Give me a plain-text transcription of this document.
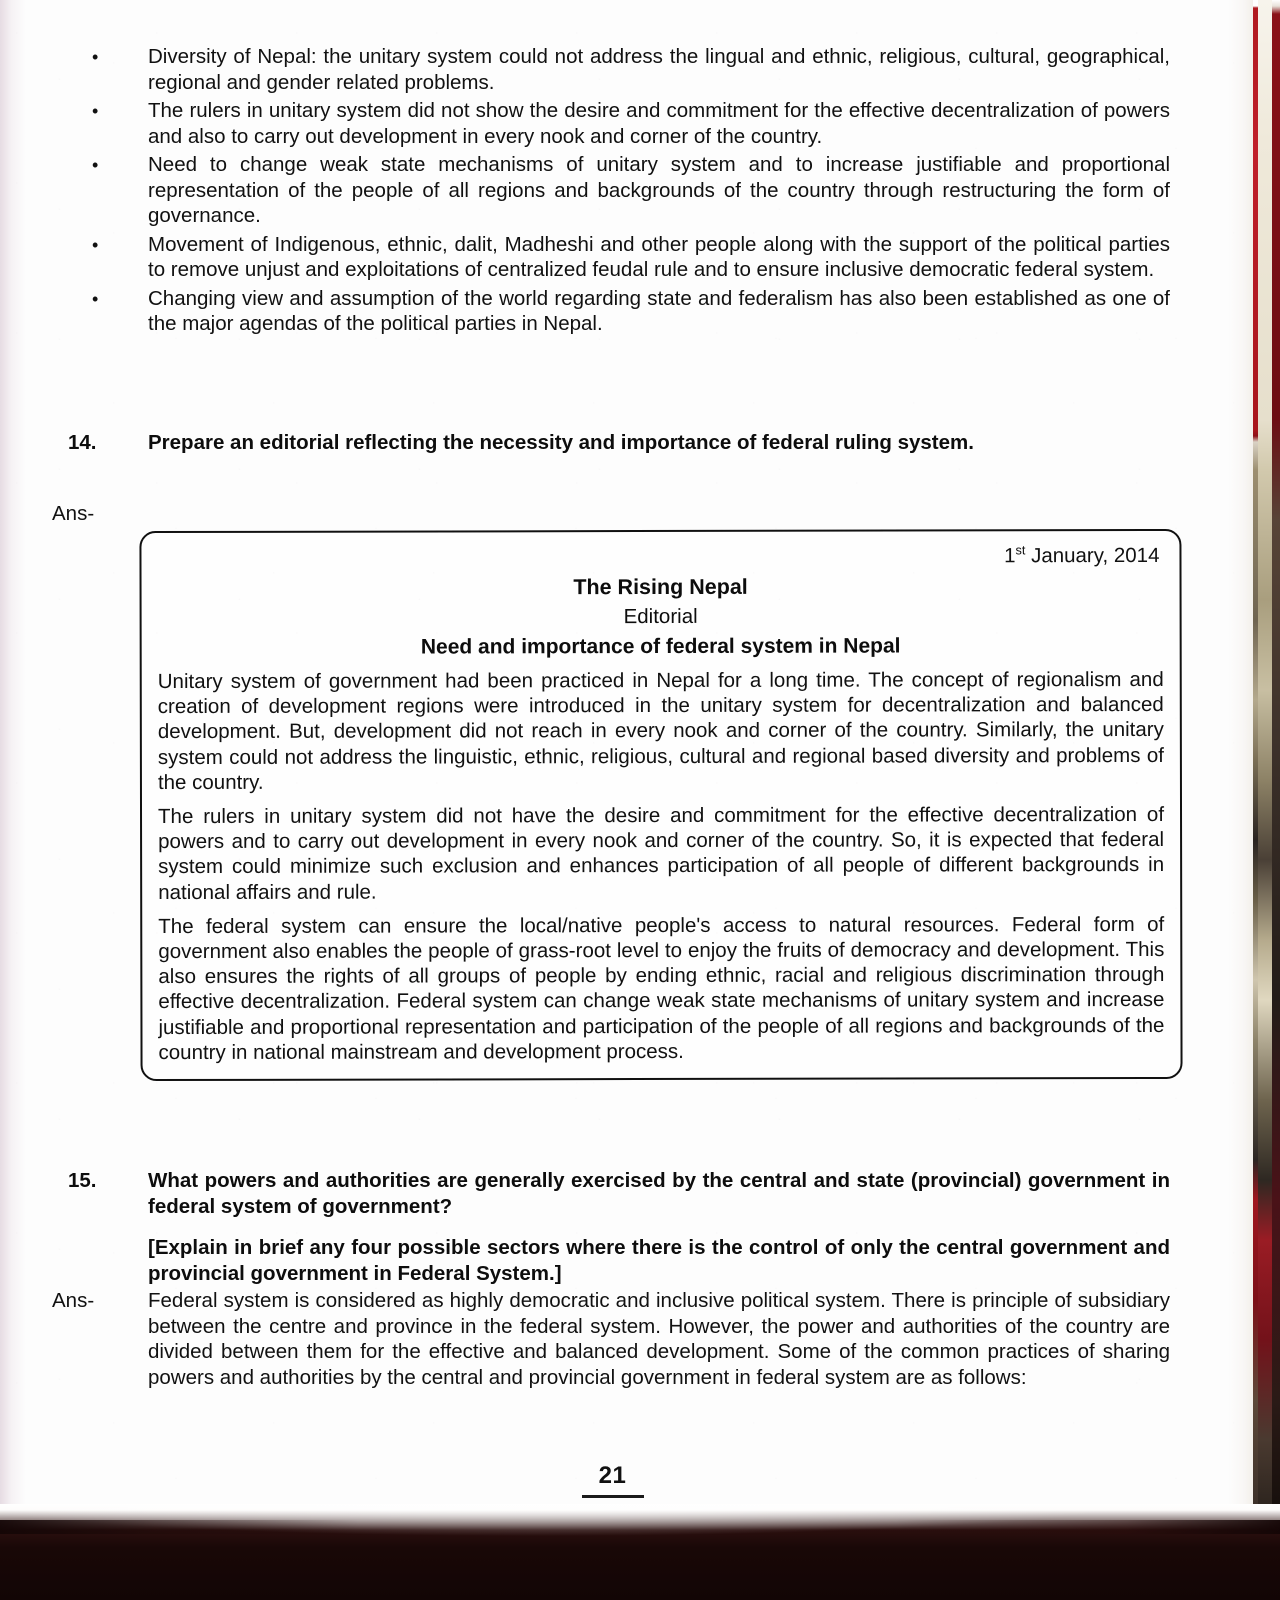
•	Diversity of Nepal: the unitary system could not address the lingual and ethnic, religious, cultural, geographical, regional and gender related problems.
•	The rulers in unitary system did not show the desire and commitment for the effective decentralization of powers and also to carry out development in every nook and corner of the country.
•	Need to change weak state mechanisms of unitary system and to increase justifiable and proportional representation of the people of all regions and backgrounds of the country through restructuring the form of governance.
•	Movement of Indigenous, ethnic, dalit, Madheshi and other people along with the support of the political parties to remove unjust and exploitations of centralized feudal rule and to ensure inclusive democratic federal system.
•	Changing view and assumption of the world regarding state and federalism has also been established as one of the major agendas of the political parties in Nepal.
14.	Prepare an editorial reflecting the necessity and importance of federal ruling system.
Ans-
1st January, 2014
The Rising Nepal
Editorial
Need and importance of federal system in Nepal

Unitary system of government had been practiced in Nepal for a long time. The concept of regionalism and creation of development regions were introduced in the unitary system for decentralization and balanced development. But, development did not reach in every nook and corner of the country. Similarly, the unitary system could not address the linguistic, ethnic, religious, cultural and regional based diversity and problems of the country.

The rulers in unitary system did not have the desire and commitment for the effective decentralization of powers and to carry out development in every nook and corner of the country. So, it is expected that federal system could minimize such exclusion and enhances participation of all people of different backgrounds in national affairs and rule.

The federal system can ensure the local/native people's access to natural resources. Federal form of government also enables the people of grass-root level to enjoy the fruits of democracy and development. This also ensures the rights of all groups of people by ending ethnic, racial and religious discrimination through effective decentralization. Federal system can change weak state mechanisms of unitary system and increase justifiable and proportional representation and participation of the people of all regions and backgrounds of the country in national mainstream and development process.

15.	What powers and authorities are generally exercised by the central and state (provincial) government in federal system of government?
[Explain in brief any four possible sectors where there is the control of only the central government and provincial government in Federal System.]
Ans-	Federal system is considered as highly democratic and inclusive political system. There is principle of subsidiary between the centre and province in the federal system. However, the power and authorities of the country are divided between them for the effective and balanced development. Some of the common practices of sharing powers and authorities by the central and provincial government in federal system are as follows:
21
